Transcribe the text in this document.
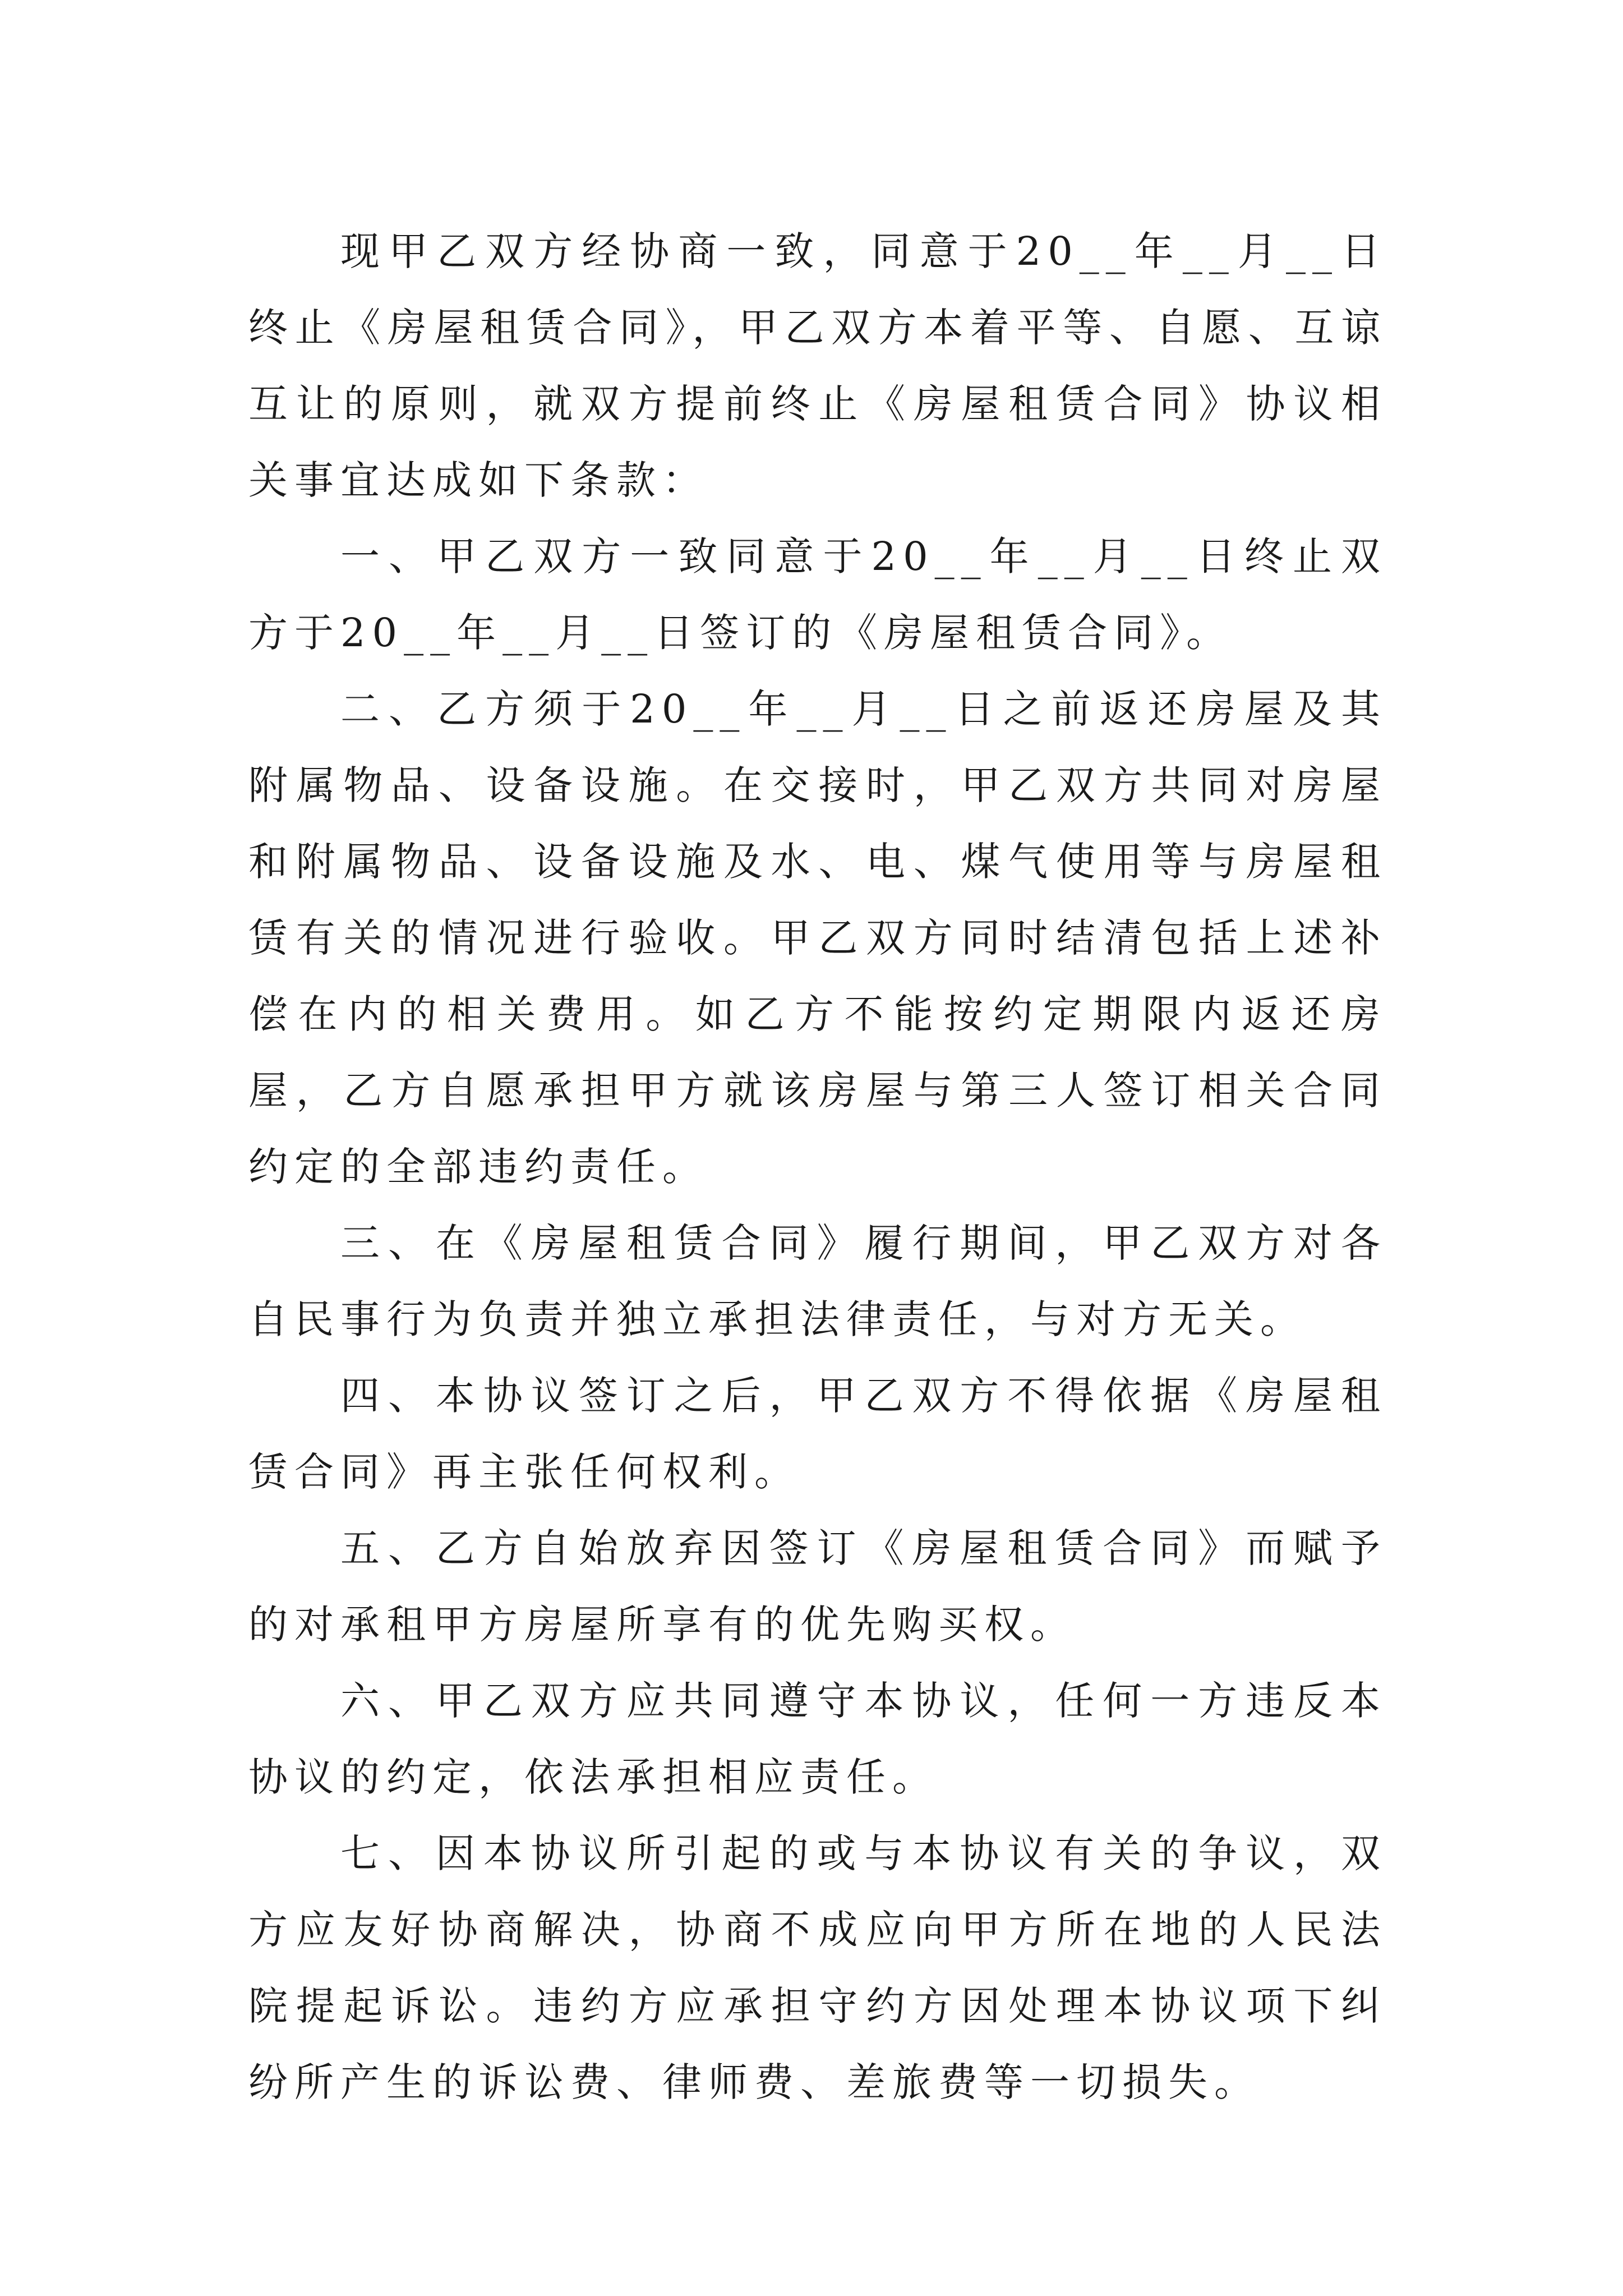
现甲乙双方经协商一致，同意于20__年__月__日终止《房屋租赁合同》，甲乙双方本着平等、自愿、互谅互让的原则，就双方提前终止《房屋租赁合同》协议相关事宜达成如下条款：

一、甲乙双方一致同意于20__年__月__日终止双方于20__年__月__日签订的《房屋租赁合同》。

二、乙方须于20__年__月__日之前返还房屋及其附属物品、设备设施。在交接时，甲乙双方共同对房屋和附属物品、设备设施及水、电、煤气使用等与房屋租赁有关的情况进行验收。甲乙双方同时结清包括上述补偿在内的相关费用。如乙方不能按约定期限内返还房屋，乙方自愿承担甲方就该房屋与第三人签订相关合同约定的全部违约责任。

三、在《房屋租赁合同》履行期间，甲乙双方对各自民事行为负责并独立承担法律责任，与对方无关。

四、本协议签订之后，甲乙双方不得依据《房屋租赁合同》再主张任何权利。

五、乙方自始放弃因签订《房屋租赁合同》而赋予的对承租甲方房屋所享有的优先购买权。

六、甲乙双方应共同遵守本协议，任何一方违反本协议的约定，依法承担相应责任。

七、因本协议所引起的或与本协议有关的争议，双方应友好协商解决，协商不成应向甲方所在地的人民法院提起诉讼。违约方应承担守约方因处理本协议项下纠纷所产生的诉讼费、律师费、差旅费等一切损失。
